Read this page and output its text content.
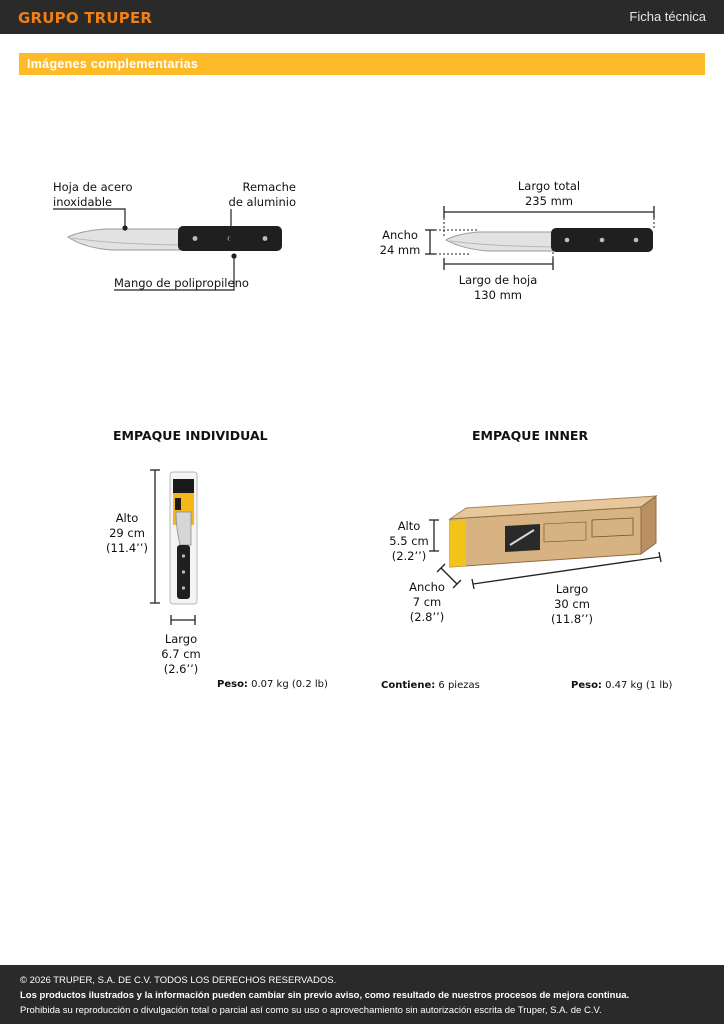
GRUPO TRUPER	Ficha técnica
Imágenes complementarias
Hoja de acero
inoxidable
Remache
de aluminio
Mango de polipropileno
Largo total
235 mm
Ancho
24 mm
Largo de hoja
130 mm
EMPAQUE INDIVIDUAL
Alto
29 cm
(11.4’’)
Largo
6.7 cm
(2.6’’)
Peso: 0.07 kg (0.2 lb)
EMPAQUE INNER
Alto
5.5 cm
(2.2’’)
Ancho
7 cm
(2.8’’)
Largo
30 cm
(11.8’’)
Contiene: 6 piezas	Peso: 0.47 kg (1 lb)
© 2026 TRUPER, S.A. DE C.V. TODOS LOS DERECHOS RESERVADOS.
Los productos ilustrados y la información pueden cambiar sin previo aviso, como resultado de nuestros procesos de mejora continua.
Prohibida su reproducción o divulgación total o parcial así como su uso o aprovechamiento sin autorización escrita de Truper, S.A. de C.V.
